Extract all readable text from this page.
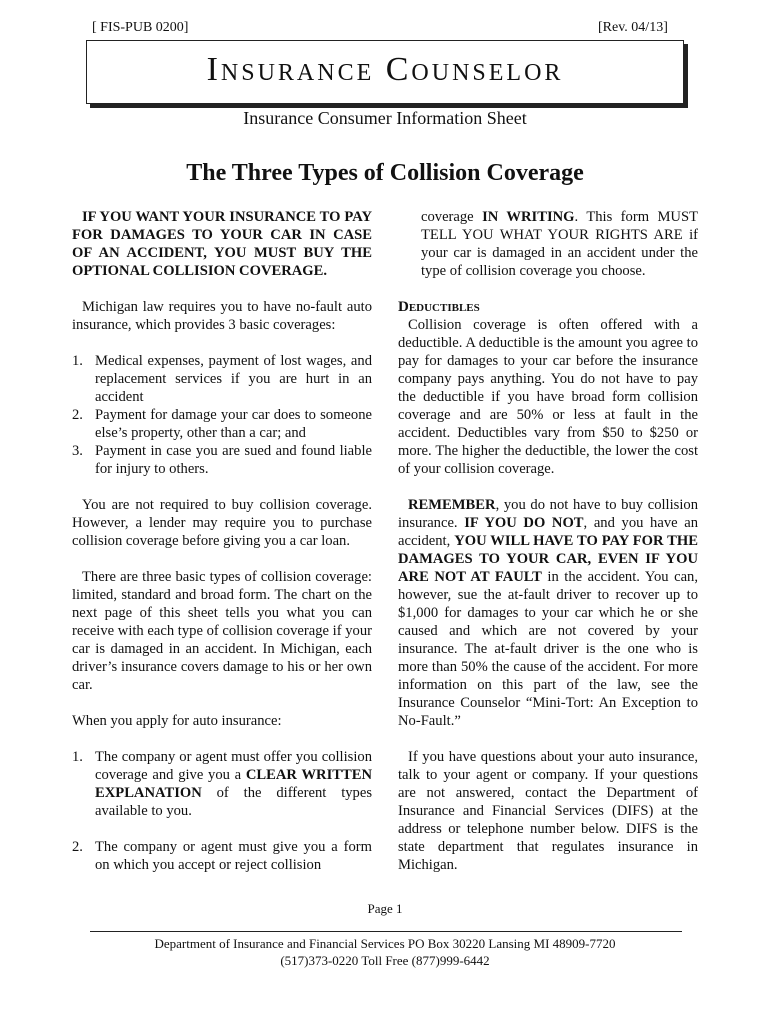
[ FIS-PUB 0200]	[Rev. 04/13]
Insurance Counselor
Insurance Consumer Information Sheet
The Three Types of Collision Coverage

IF YOU WANT YOUR INSURANCE TO PAY FOR DAMAGES TO YOUR CAR IN CASE OF AN ACCIDENT, YOU MUST BUY THE OPTIONAL COLLISION COVERAGE.

Michigan law requires you to have no-fault auto insurance, which provides 3 basic coverages:

1. Medical expenses, payment of lost wages, and replacement services if you are hurt in an accident
2. Payment for damage your car does to someone else’s property, other than a car; and
3. Payment in case you are sued and found liable for injury to others.

You are not required to buy collision coverage. However, a lender may require you to purchase collision coverage before giving you a car loan.

There are three basic types of collision coverage: limited, standard and broad form. The chart on the next page of this sheet tells you what you can receive with each type of collision coverage if your car is damaged in an accident. In Michigan, each driver’s insurance covers damage to his or her own car.

When you apply for auto insurance:

1. The company or agent must offer you collision coverage and give you a CLEAR WRITTEN EXPLANATION of the different types available to you.
2. The company or agent must give you a form on which you accept or reject collision

coverage IN WRITING. This form MUST TELL YOU WHAT YOUR RIGHTS ARE if your car is damaged in an accident under the type of collision coverage you choose.

Deductibles

Collision coverage is often offered with a deductible. A deductible is the amount you agree to pay for damages to your car before the insurance company pays anything. You do not have to pay the deductible if you have broad form collision coverage and are 50% or less at fault in the accident. Deductibles vary from $50 to $250 or more. The higher the deductible, the lower the cost of your collision coverage.

REMEMBER, you do not have to buy collision insurance. IF YOU DO NOT, and you have an accident, YOU WILL HAVE TO PAY FOR THE DAMAGES TO YOUR CAR, EVEN IF YOU ARE NOT AT FAULT in the accident. You can, however, sue the at-fault driver to recover up to $1,000 for damages to your car which he or she caused and which are not covered by your insurance. The at-fault driver is the one who is more than 50% the cause of the accident. For more information on this part of the law, see the Insurance Counselor “Mini-Tort: An Exception to No-Fault.”

If you have questions about your auto insurance, talk to your agent or company. If your questions are not answered, contact the Department of Insurance and Financial Services (DIFS) at the address or telephone number below. DIFS is the state department that regulates insurance in Michigan.

Page 1
Department of Insurance and Financial Services PO Box 30220 Lansing MI 48909-7720
(517)373-0220 Toll Free (877)999-6442
